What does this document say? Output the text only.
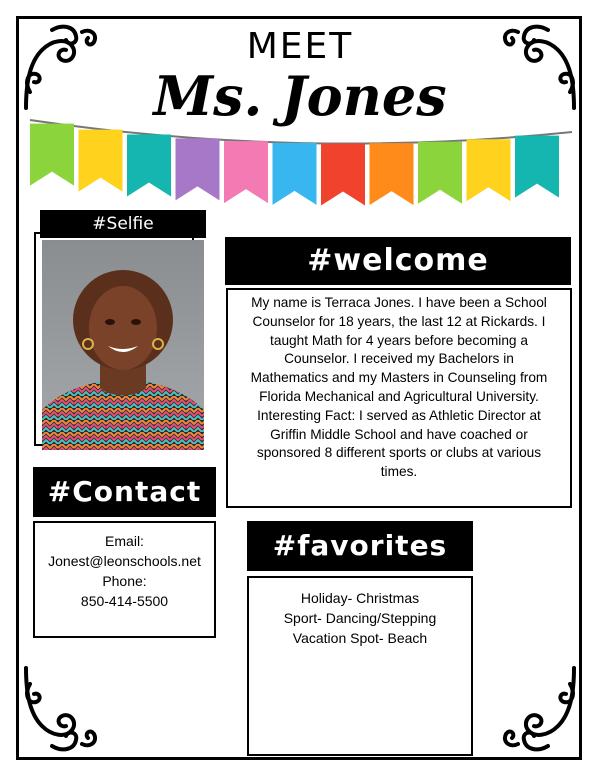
MEET
Ms. Jones
#Selfie
#welcome
My name is Terraca Jones. I have been a School
Counselor for 18 years, the last 12 at Rickards. I
taught Math for 4 years before becoming a
Counselor. I received my Bachelors in
Mathematics and my Masters in Counseling from
Florida Mechanical and Agricultural University.
Interesting Fact: I served as Athletic Director at
Griffin Middle School and have coached or
sponsored 8 different sports or clubs at various
times.
#Contact
Email:
Jonest@leonschools.net
Phone:
850-414-5500
#favorites
Holiday- Christmas
Sport- Dancing/Stepping
Vacation Spot- Beach
